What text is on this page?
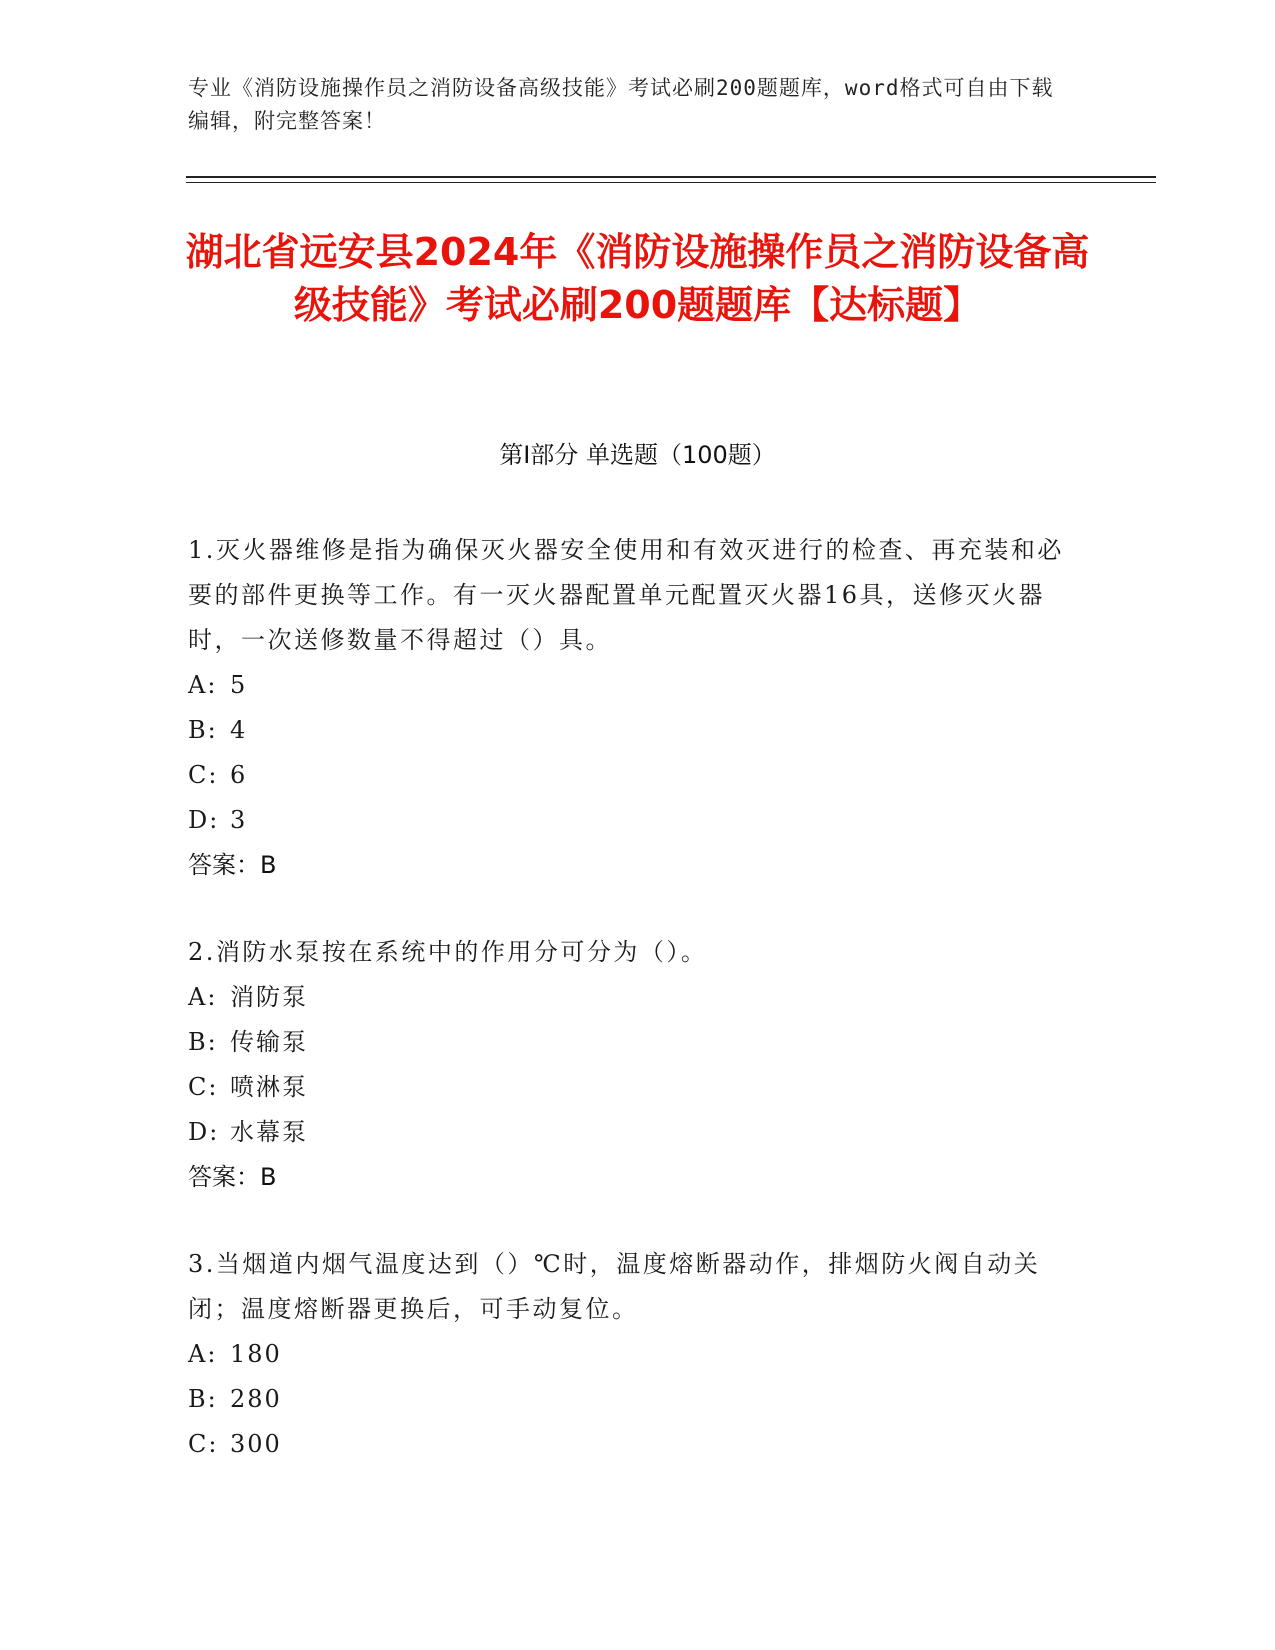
专业《消防设施操作员之消防设备高级技能》考试必刷200题题库，word格式可自由下载编辑，附完整答案！
湖北省远安县2024年《消防设施操作员之消防设备高级技能》考试必刷200题题库【达标题】
第I部分 单选题（100题）
1.灭火器维修是指为确保灭火器安全使用和有效灭进行的检查、再充装和必要的部件更换等工作。有一灭火器配置单元配置灭火器16具，送修灭火器时，一次送修数量不得超过（）具。
A: 5
B: 4
C: 6
D: 3
答案：B
2.消防水泵按在系统中的作用分可分为（）。
A: 消防泵
B: 传输泵
C: 喷淋泵
D: 水幕泵
答案：B
3.当烟道内烟气温度达到（）℃时，温度熔断器动作，排烟防火阀自动关闭；温度熔断器更换后，可手动复位。
A: 180
B: 280
C: 300
